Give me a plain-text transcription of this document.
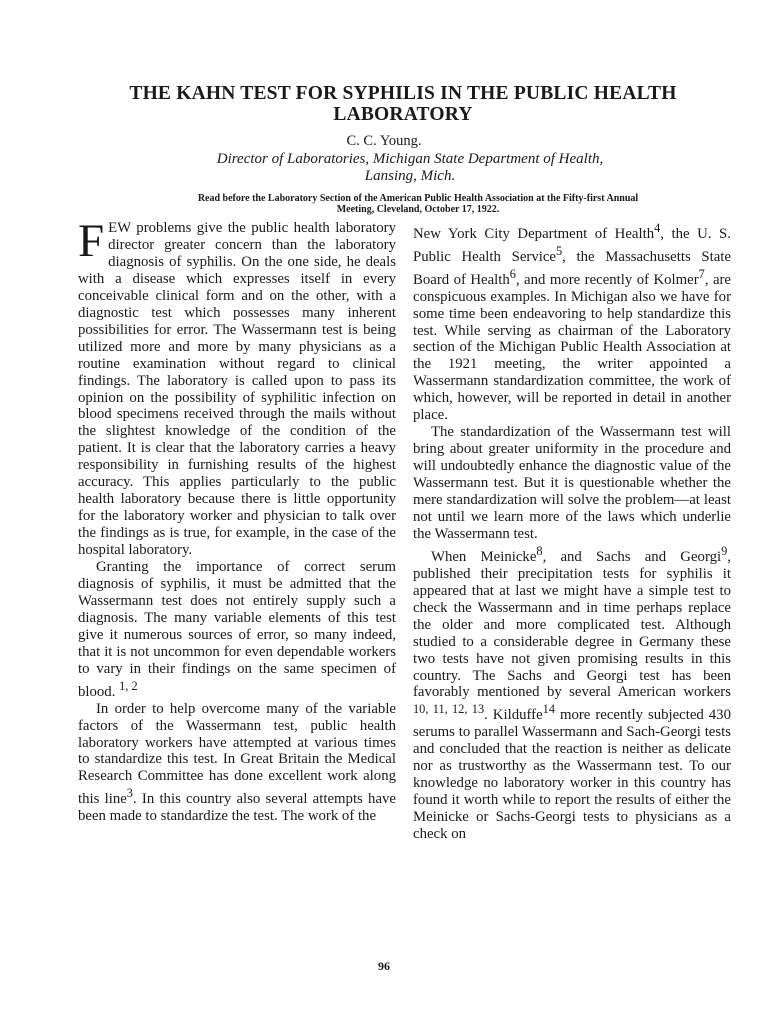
THE KAHN TEST FOR SYPHILIS IN THE PUBLIC HEALTH
LABORATORY
C. C. Young.
Director of Laboratories, Michigan State Department of Health,
Lansing, Mich.
Read before the Laboratory Section of the American Public Health Association at the Fifty-first Annual
Meeting, Cleveland, October 17, 1922.

FEW problems give the public health laboratory director greater concern than the laboratory diagnosis of syphilis. On the one side, he deals with a disease which expresses itself in every conceivable clinical form and on the other, with a diagnostic test which possesses many inherent possibilities for error. The Wassermann test is being utilized more and more by many physicians as a routine examination without regard to clinical findings. The laboratory is called upon to pass its opinion on the possibility of syphilitic infection on blood specimens received through the mails without the slightest knowledge of the condition of the patient. It is clear that the laboratory carries a heavy responsibility in furnishing results of the highest accuracy. This applies particularly to the public health laboratory because there is little opportunity for the laboratory worker and physician to talk over the findings as is true, for example, in the case of the hospital laboratory.

Granting the importance of correct serum diagnosis of syphilis, it must be admitted that the Wassermann test does not entirely supply such a diagnosis. The many variable elements of this test give it numerous sources of error, so many indeed, that it is not uncommon for even dependable workers to vary in their findings on the same specimen of blood. $^{1, 2}$

In order to help overcome many of the variable factors of the Wassermann test, public health laboratory workers have attempted at various times to standardize this test. In Great Britain the Medical Research Committee has done excellent work along this line$^3$. In this country also several attempts have been made to standardize the test. The work of the

New York City Department of Health$^4$, the U. S. Public Health Service$^5$, the Massachusetts State Board of Health$^6$, and more recently of Kolmer$^7$, are conspicuous examples. In Michigan also we have for some time been endeavoring to help standardize this test. While serving as chairman of the Laboratory section of the Michigan Public Health Association at the 1921 meeting, the writer appointed a Wassermann standardization committee, the work of which, however, will be reported in detail in another place.

The standardization of the Wassermann test will bring about greater uniformity in the procedure and will undoubtedly enhance the diagnostic value of the Wassermann test. But it is questionable whether the mere standardization will solve the problem—at least not until we learn more of the laws which underlie the Wassermann test.

When Meinicke$^8$, and Sachs and Georgi$^9$, published their precipitation tests for syphilis it appeared that at last we might have a simple test to check the Wassermann and in time perhaps replace the older and more complicated test. Although studied to a considerable degree in Germany these two tests have not given promising results in this country. The Sachs and Georgi test has been favorably mentioned by several American workers $^{10, 11, 12, 13}$. Kilduffe$^{14}$ more recently subjected 430 serums to parallel Wassermann and Sach-Georgi tests and concluded that the reaction is neither as delicate nor as trustworthy as the Wassermann test. To our knowledge no laboratory worker in this country has found it worth while to report the results of either the Meinicke or Sachs-Georgi tests to physicians as a check on

96
